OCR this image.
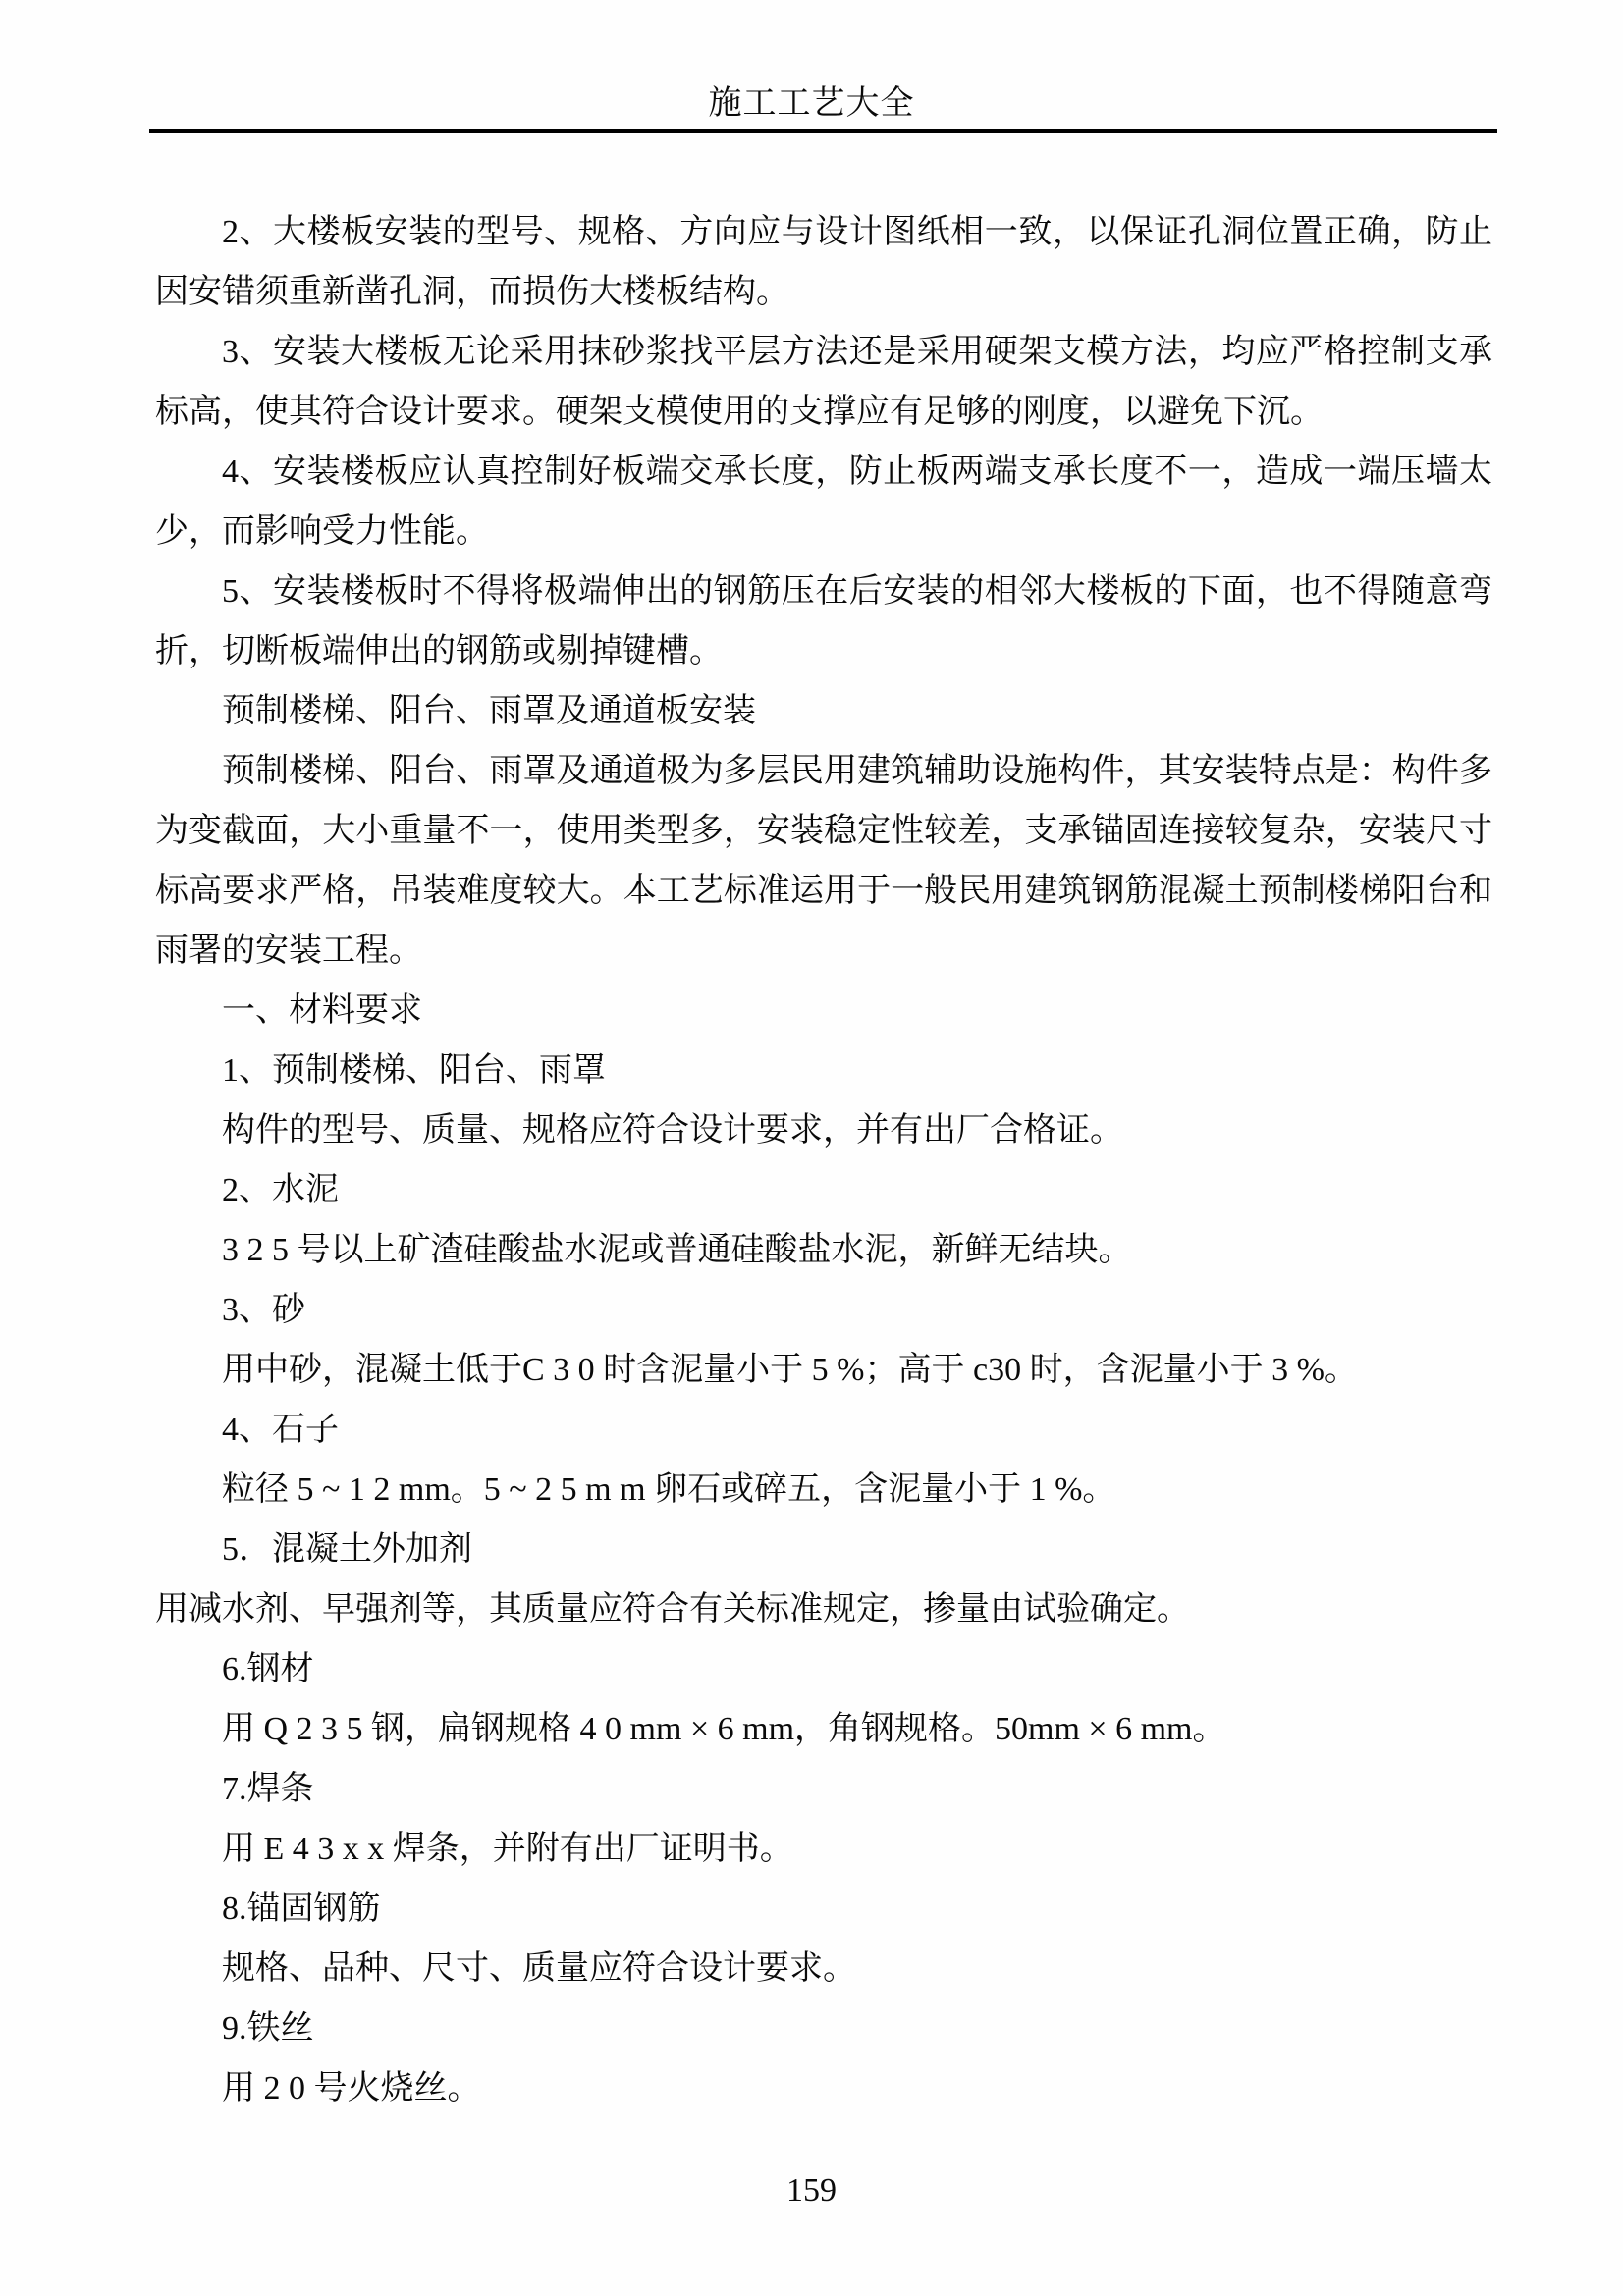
施工工艺大全

2、大楼板安装的型号、规格、方向应与设计图纸相一致，以保证孔洞位置正确，防止因安错须重新凿孔洞，而损伤大楼板结构。

3、安装大楼板无论采用抹砂浆找平层方法还是采用硬架支模方法，均应严格控制支承标高，使其符合设计要求。硬架支模使用的支撑应有足够的刚度，以避免下沉。

4、安装楼板应认真控制好板端交承长度，防止板两端支承长度不一，造成一端压墙太少，而影响受力性能。

5、安装楼板时不得将极端伸出的钢筋压在后安装的相邻大楼板的下面，也不得随意弯折，切断板端伸出的钢筋或剔掉键槽。

预制楼梯、阳台、雨罩及通道板安装

预制楼梯、阳台、雨罩及通道极为多层民用建筑辅助设施构件，其安装特点是：构件多为变截面，大小重量不一，使用类型多，安装稳定性较差，支承锚固连接较复杂，安装尺寸标高要求严格，吊装难度较大。本工艺标准运用于一般民用建筑钢筋混凝土预制楼梯阳台和雨署的安装工程。

一、材料要求

1、预制楼梯、阳台、雨罩

构件的型号、质量、规格应符合设计要求，并有出厂合格证。

2、水泥

3 2 5 号以上矿渣硅酸盐水泥或普通硅酸盐水泥，新鲜无结块。

3、砂

用中砂，混凝土低于C 3 0 时含泥量小于 5 %；高于 c30 时，含泥量小于 3 %。

4、石子

粒径 5 ~ 1 2 mm。5 ~ 2 5 m m 卵石或碎五，含泥量小于 1 %。

5．混凝土外加剂

用减水剂、早强剂等，其质量应符合有关标准规定，掺量由试验确定。

6.钢材

用 Q 2 3 5 钢，扁钢规格 4 0 mm × 6 mm，角钢规格。50mm × 6 mm。

7.焊条

用 E 4 3 x x 焊条，并附有出厂证明书。

8.锚固钢筋

规格、品种、尺寸、质量应符合设计要求。

9.铁丝

用 2 0 号火烧丝。

159
